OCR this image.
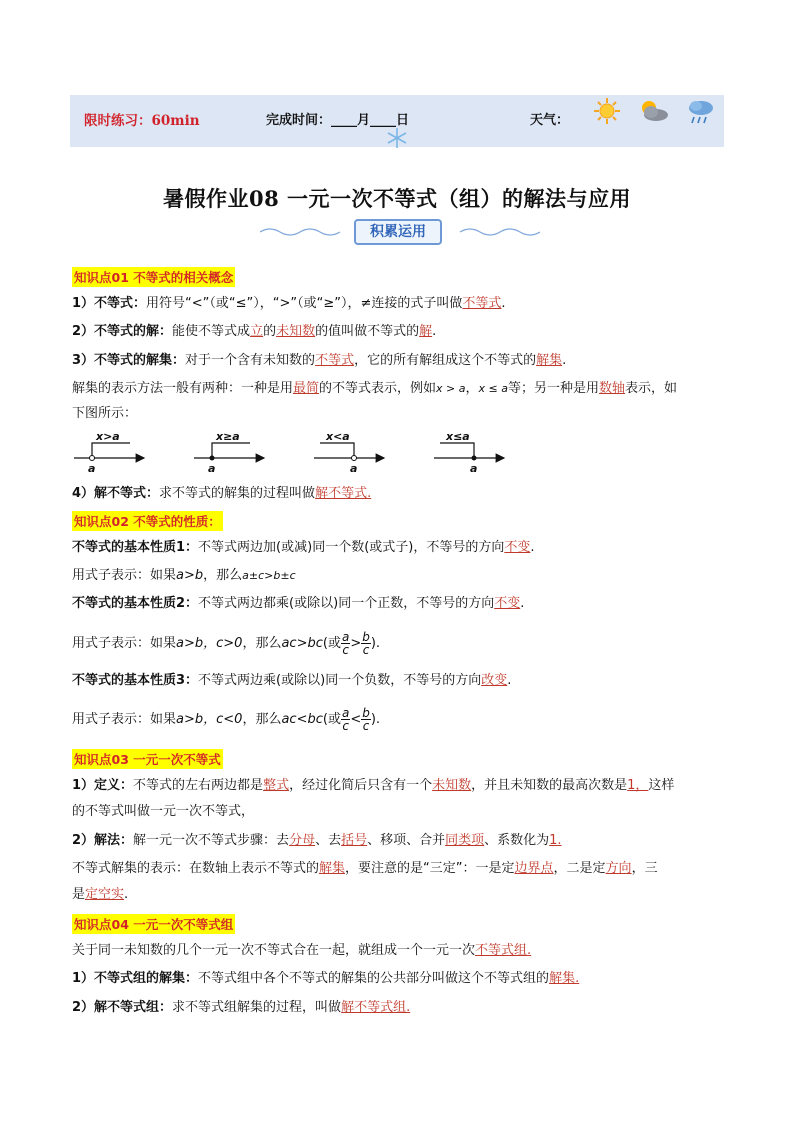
限时练习：60min	完成时间：____月____日	天气：
暑假作业08 一元一次不等式（组）的解法与应用
积累运用
知识点01 不等式的相关概念
1）不等式：用符号“<”（或“≤”），“>”（或“≥”），≠连接的式子叫做不等式.
2）不等式的解：能使不等式成立的未知数的值叫做不等式的解.
3）不等式的解集：对于一个含有未知数的不等式，它的所有解组成这个不等式的解集.
解集的表示方法一般有两种：一种是用最简的不等式表示，例如x > a，x ≤ a等；另一种是用数轴表示，如
下图所示：
x>a
a
x≥a
a
x<a
a
x≤a
a
4）解不等式：求不等式的解集的过程叫做解不等式.
知识点02 不等式的性质：
不等式的基本性质1：不等式两边加(或减)同一个数(或式子)，不等号的方向不变.
用式子表示：如果a>b，那么a±c>b±c
不等式的基本性质2：不等式两边都乘(或除以)同一个正数，不等号的方向不变.
用式子表示：如果a>b，c>0，那么ac>bc(或 $\frac{a}{c} > \frac{b}{c}$ ).
不等式的基本性质3：不等式两边乘(或除以)同一个负数，不等号的方向改变.
用式子表示：如果a>b，c<0，那么ac<bc(或 $\frac{a}{c} < \frac{b}{c}$ ).
知识点03 一元一次不等式
1）定义：不等式的左右两边都是整式，经过化简后只含有一个未知数，并且未知数的最高次数是1，这样
的不等式叫做一元一次不等式，
2）解法：解一元一次不等式步骤：去分母、去括号、移项、合并同类项、系数化为1.
不等式解集的表示：在数轴上表示不等式的解集，要注意的是“三定”：一是定边界点，二是定方向，三
是定空实.
知识点04 一元一次不等式组
关于同一未知数的几个一元一次不等式合在一起，就组成一个一元一次不等式组.
1）不等式组的解集：不等式组中各个不等式的解集的公共部分叫做这个不等式组的解集.
2）解不等式组：求不等式组解集的过程，叫做解不等式组.
